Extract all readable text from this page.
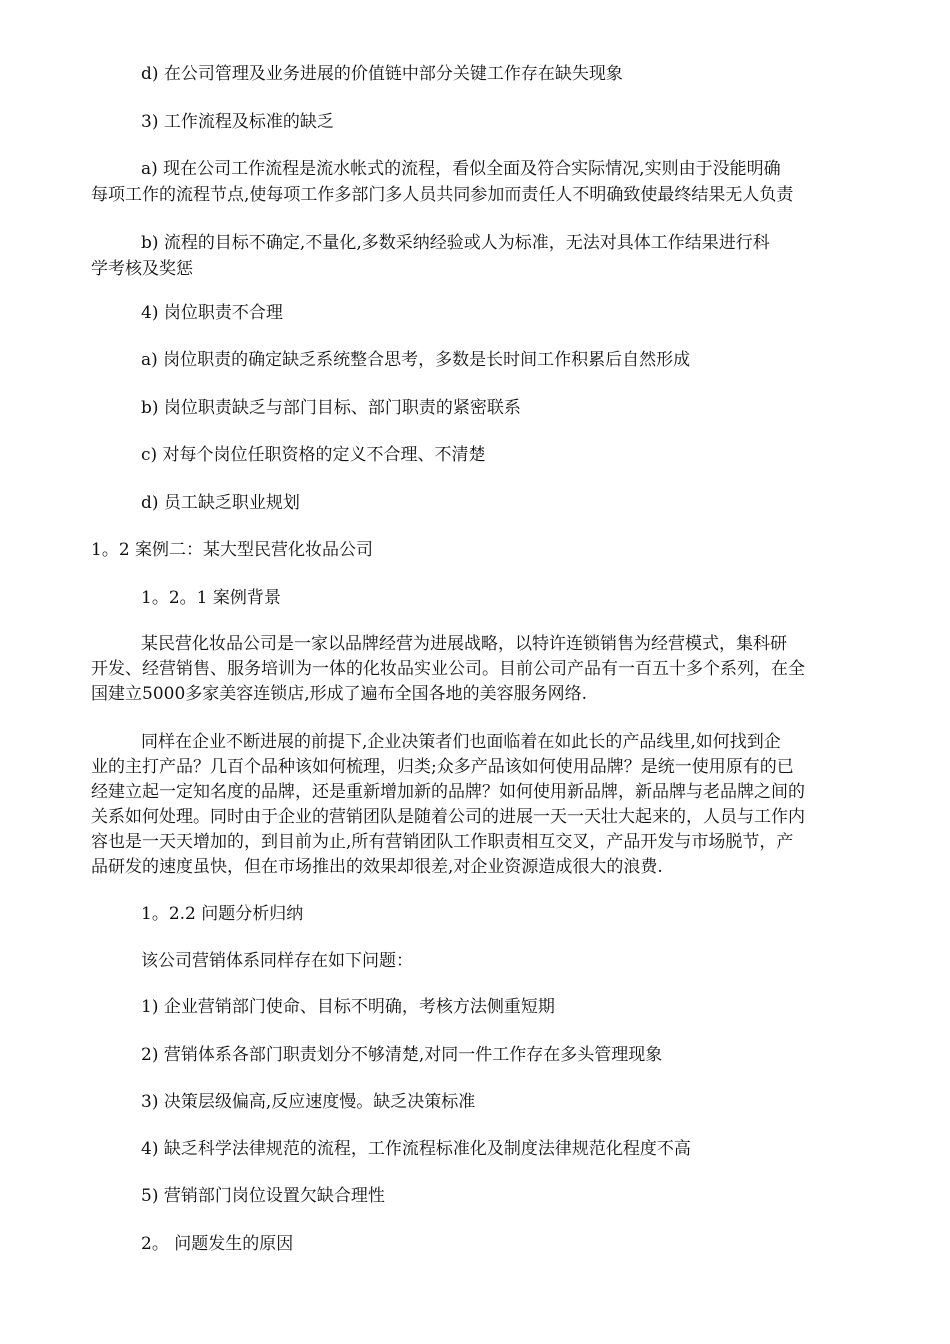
d) 在公司管理及业务进展的价值链中部分关键工作存在缺失现象
3) 工作流程及标准的缺乏
a) 现在公司工作流程是流水帐式的流程，看似全面及符合实际情况,实则由于没能明确
每项工作的流程节点,使每项工作多部门多人员共同参加而责任人不明确致使最终结果无人负责
b) 流程的目标不确定,不量化,多数采纳经验或人为标准，无法对具体工作结果进行科
学考核及奖惩
4) 岗位职责不合理
a) 岗位职责的确定缺乏系统整合思考，多数是长时间工作积累后自然形成
b) 岗位职责缺乏与部门目标、部门职责的紧密联系
c) 对每个岗位任职资格的定义不合理、不清楚
d) 员工缺乏职业规划
1。2 案例二：某大型民营化妆品公司
1。2。1 案例背景
某民营化妆品公司是一家以品牌经营为进展战略，以特许连锁销售为经营模式，集科研
开发、经营销售、服务培训为一体的化妆品实业公司。目前公司产品有一百五十多个系列，在全
国建立5000多家美容连锁店,形成了遍布全国各地的美容服务网络.
同样在企业不断进展的前提下,企业决策者们也面临着在如此长的产品线里,如何找到企
业的主打产品？几百个品种该如何梳理，归类;众多产品该如何使用品牌？是统一使用原有的已
经建立起一定知名度的品牌，还是重新增加新的品牌？如何使用新品牌，新品牌与老品牌之间的
关系如何处理。同时由于企业的营销团队是随着公司的进展一天一天壮大起来的，人员与工作内
容也是一天天增加的，到目前为止,所有营销团队工作职责相互交叉，产品开发与市场脱节，产
品研发的速度虽快，但在市场推出的效果却很差,对企业资源造成很大的浪费.
1。2.2 问题分析归纳
该公司营销体系同样存在如下问题：
1) 企业营销部门使命、目标不明确，考核方法侧重短期
2) 营销体系各部门职责划分不够清楚,对同一件工作存在多头管理现象
3) 决策层级偏高,反应速度慢。缺乏决策标准
4) 缺乏科学法律规范的流程，工作流程标准化及制度法律规范化程度不高
5) 营销部门岗位设置欠缺合理性
2。 问题发生的原因
